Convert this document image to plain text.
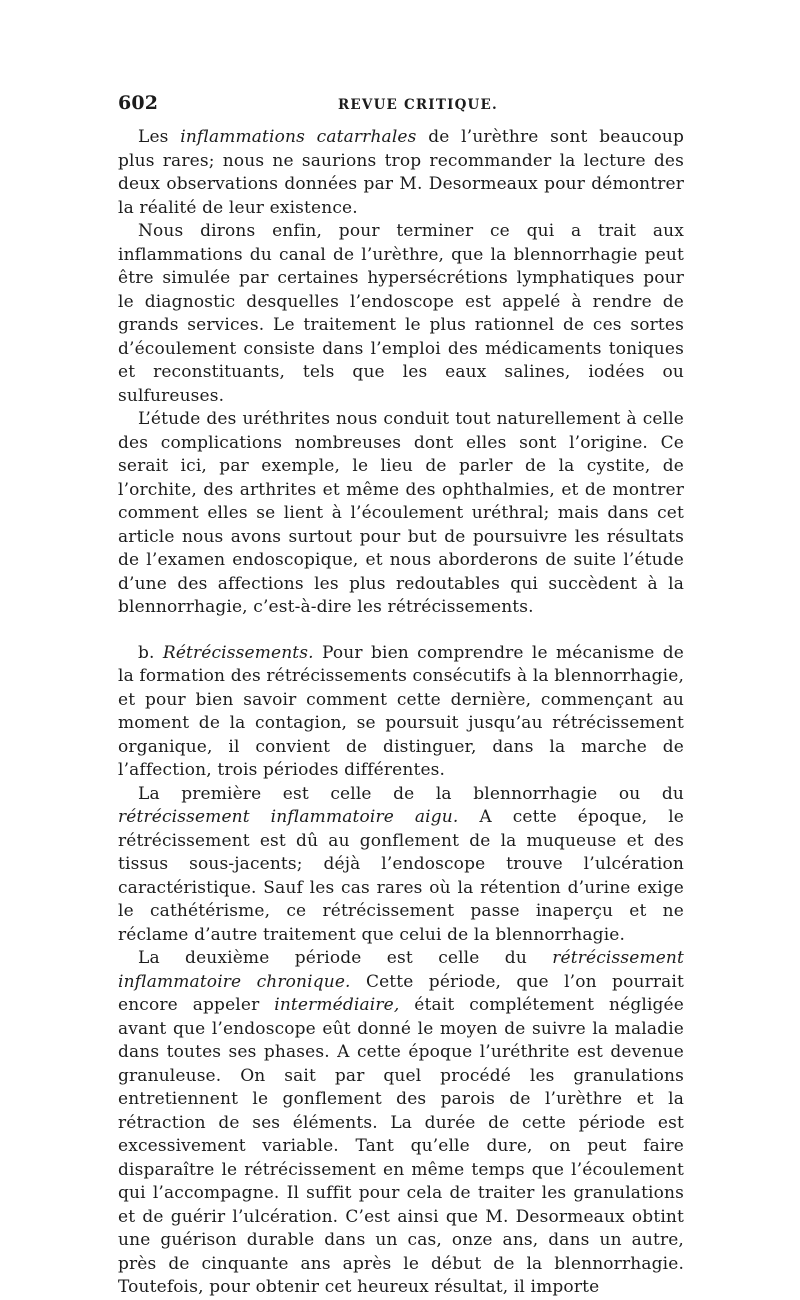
602	REVUE CRITIQUE.

Les inflammations catarrhales de l’urèthre sont beaucoup plus rares; nous ne saurions trop recommander la lecture des deux observations données par M. Desormeaux pour démontrer la réalité de leur existence.

Nous dirons enfin, pour terminer ce qui a trait aux inflammations du canal de l’urèthre, que la blennorrhagie peut être simulée par certaines hypersécrétions lymphatiques pour le diagnostic desquelles l’endoscope est appelé à rendre de grands services. Le traitement le plus rationnel de ces sortes d’écoulement consiste dans l’emploi des médicaments toniques et reconstituants, tels que les eaux salines, iodées ou sulfureuses.

L’étude des uréthrites nous conduit tout naturellement à celle des complications nombreuses dont elles sont l’origine. Ce serait ici, par exemple, le lieu de parler de la cystite, de l’orchite, des arthrites et même des ophthalmies, et de montrer comment elles se lient à l’écoulement uréthral; mais dans cet article nous avons surtout pour but de poursuivre les résultats de l’examen endoscopique, et nous aborderons de suite l’étude d’une des affections les plus redoutables qui succèdent à la blennorrhagie, c’est-à-dire les rétrécissements.

b. Rétrécissements. Pour bien comprendre le mécanisme de la formation des rétrécissements consécutifs à la blennorrhagie, et pour bien savoir comment cette dernière, commençant au moment de la contagion, se poursuit jusqu’au rétrécissement organique, il convient de distinguer, dans la marche de l’affection, trois périodes différentes.

La première est celle de la blennorrhagie ou du rétrécissement inflammatoire aigu. A cette époque, le rétrécissement est dû au gonflement de la muqueuse et des tissus sous-jacents; déjà l’endoscope trouve l’ulcération caractéristique. Sauf les cas rares où la rétention d’urine exige le cathétérisme, ce rétrécissement passe inaperçu et ne réclame d’autre traitement que celui de la blennorrhagie.

La deuxième période est celle du rétrécissement inflammatoire chronique. Cette période, que l’on pourrait encore appeler intermédiaire, était complétement négligée avant que l’endoscope eût donné le moyen de suivre la maladie dans toutes ses phases. A cette époque l’uréthrite est devenue granuleuse. On sait par quel procédé les granulations entretiennent le gonflement des parois de l’urèthre et la rétraction de ses éléments. La durée de cette période est excessivement variable. Tant qu’elle dure, on peut faire disparaître le rétrécissement en même temps que l’écoulement qui l’accompagne. Il suffit pour cela de traiter les granulations et de guérir l’ulcération. C’est ainsi que M. Desormeaux obtint une guérison durable dans un cas, onze ans, dans un autre, près de cinquante ans après le début de la blennorrhagie. Toutefois, pour obtenir cet heureux résultat, il importe
